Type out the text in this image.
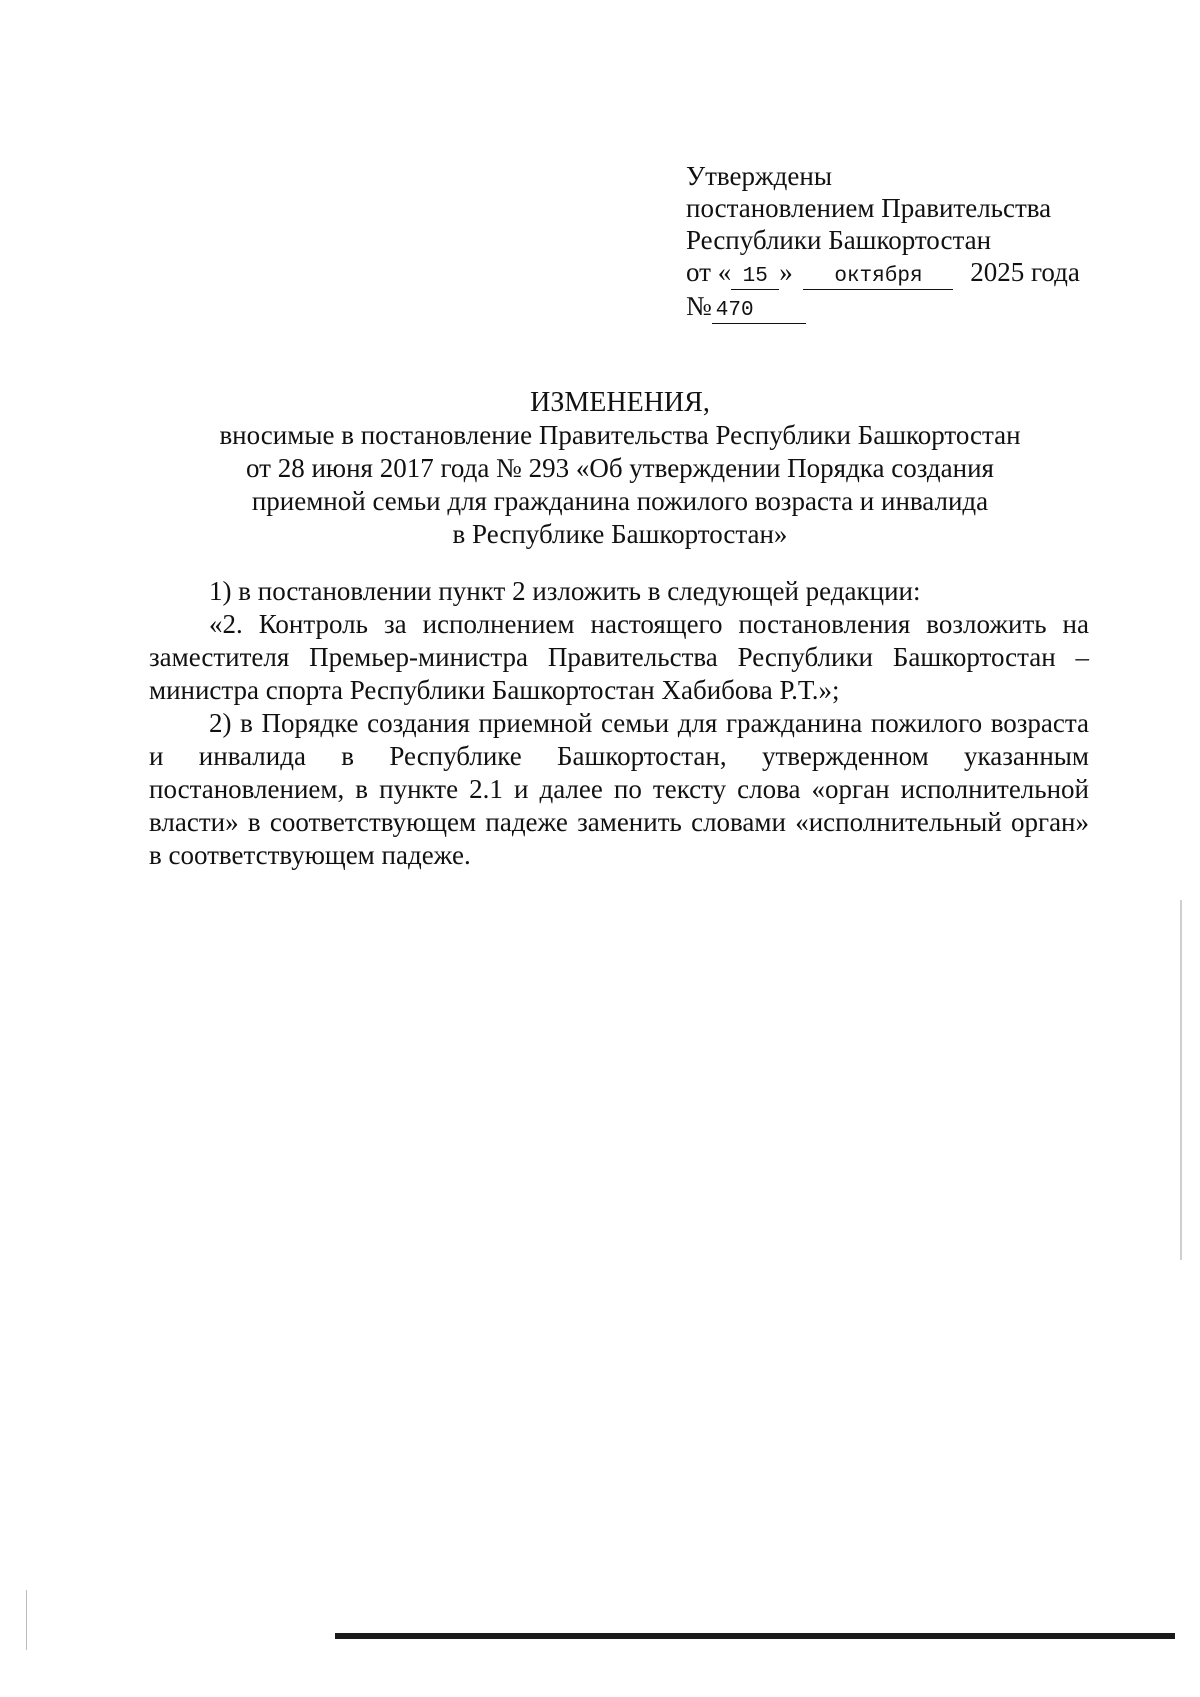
Утверждены
постановлением Правительства
Республики Башкортостан
от « 15 » октября 2025 года
№ 470
ИЗМЕНЕНИЯ,
вносимые в постановление Правительства Республики Башкортостан
от 28 июня 2017 года № 293 «Об утверждении Порядка создания
приемной семьи для гражданина пожилого возраста и инвалида
в Республике Башкортостан»

1) в постановлении пункт 2 изложить в следующей редакции:

«2. Контроль за исполнением настоящего постановления возложить на заместителя Премьер-министра Правительства Республики Башкортостан – министра спорта Республики Башкортостан Хабибова Р.Т.»;

2) в Порядке создания приемной семьи для гражданина пожилого возраста и инвалида в Республике Башкортостан, утвержденном указанным постановлением, в пункте 2.1 и далее по тексту слова «орган исполнительной власти» в соответствующем падеже заменить словами «исполнительный орган» в соответствующем падеже.
